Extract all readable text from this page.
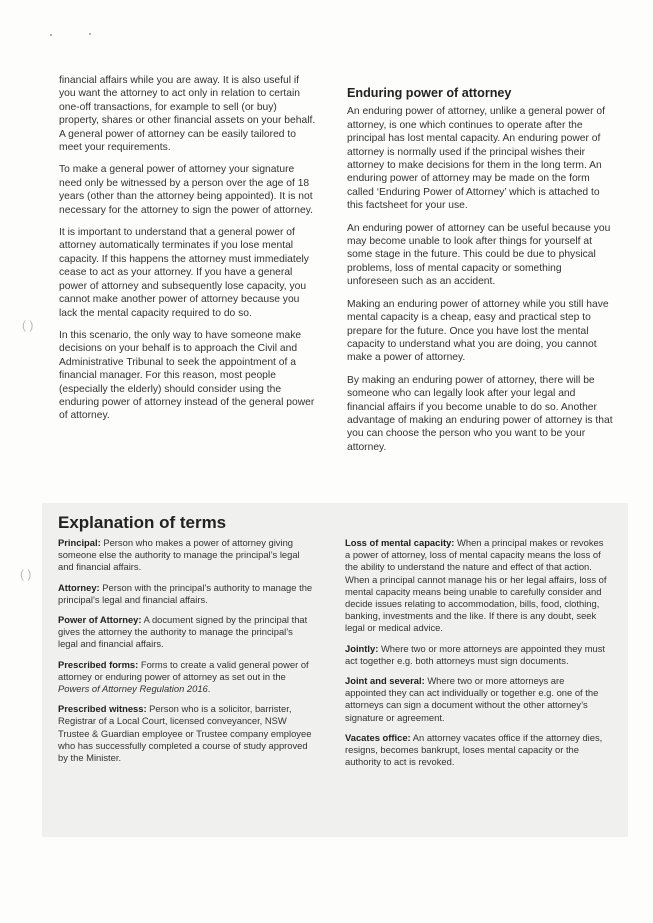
( )
( )

financial affairs while you are away. It is also useful if you want the attorney to act only in relation to certain one-off transactions, for example to sell (or buy) property, shares or other financial assets on your behalf. A general power of attorney can be easily tailored to meet your requirements.

To make a general power of attorney your signature need only be witnessed by a person over the age of 18 years (other than the attorney being appointed). It is not necessary for the attorney to sign the power of attorney.

It is important to understand that a general power of attorney automatically terminates if you lose mental capacity. If this happens the attorney must immediately cease to act as your attorney. If you have a general power of attorney and subsequently lose capacity, you cannot make another power of attorney because you lack the mental capacity required to do so.

In this scenario, the only way to have someone make decisions on your behalf is to approach the Civil and Administrative Tribunal to seek the appointment of a financial manager. For this reason, most people (especially the elderly) should consider using the enduring power of attorney instead of the general power of attorney.

Enduring power of attorney

An enduring power of attorney, unlike a general power of attorney, is one which continues to operate after the principal has lost mental capacity. An enduring power of attorney is normally used if the principal wishes their attorney to make decisions for them in the long term. An enduring power of attorney may be made on the form called ‘Enduring Power of Attorney’ which is attached to this factsheet for your use.

An enduring power of attorney can be useful because you may become unable to look after things for yourself at some stage in the future. This could be due to physical problems, loss of mental capacity or something unforeseen such as an accident.

Making an enduring power of attorney while you still have mental capacity is a cheap, easy and practical step to prepare for the future. Once you have lost the mental capacity to understand what you are doing, you cannot make a power of attorney.

By making an enduring power of attorney, there will be someone who can legally look after your legal and financial affairs if you become unable to do so. Another advantage of making an enduring power of attorney is that you can choose the person who you want to be your attorney.

Explanation of terms

Principal: Person who makes a power of attorney giving someone else the authority to manage the principal’s legal and financial affairs.

Attorney: Person with the principal’s authority to manage the principal’s legal and financial affairs.

Power of Attorney: A document signed by the principal that gives the attorney the authority to manage the principal’s legal and financial affairs.

Prescribed forms: Forms to create a valid general power of attorney or enduring power of attorney as set out in the Powers of Attorney Regulation 2016.

Prescribed witness: Person who is a solicitor, barrister, Registrar of a Local Court, licensed conveyancer, NSW Trustee & Guardian employee or Trustee company employee who has successfully completed a course of study approved by the Minister.

Loss of mental capacity: When a principal makes or revokes a power of attorney, loss of mental capacity means the loss of the ability to understand the nature and effect of that action. When a principal cannot manage his or her legal affairs, loss of mental capacity means being unable to carefully consider and decide issues relating to accommodation, bills, food, clothing, banking, investments and the like. If there is any doubt, seek legal or medical advice.

Jointly: Where two or more attorneys are appointed they must act together e.g. both attorneys must sign documents.

Joint and several: Where two or more attorneys are appointed they can act individually or together e.g. one of the attorneys can sign a document without the other attorney’s signature or agreement.

Vacates office: An attorney vacates office if the attorney dies, resigns, becomes bankrupt, loses mental capacity or the authority to act is revoked.
